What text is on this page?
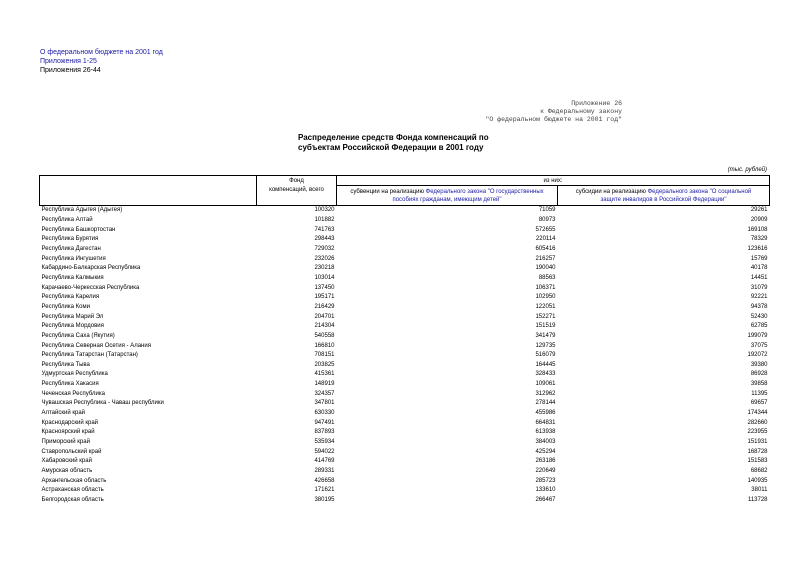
О федеральном бюджете на 2001 год
Приложения 1-25
Приложения 26-44
Приложение 26
к Федеральному закону
"О федеральном бюджете на 2001 год"
Распределение средств Фонда компенсаций по
субъектам Российской Федерации в 2001 году
(тыс. рублей)
	Фонд	из них:	
	компенсаций, всего	субвенции на реализацию Федерального закона "О государственных
пособиях гражданам, имеющим детей"	субсидии на реализацию Федерального закона "О социальной
защите инвалидов в Российской Федерации"
Республика Адыгея (Адыгея)	100320	71059	29261
Республика Алтай	101882	80973	20909
Республика Башкортостан	741763	572655	169108
Республика Бурятия	298443	220114	78329
Республика Дагестан	729032	605416	123616
Республика Ингушетия	232026	216257	15769
Кабардино-Балкарская Республика	230218	190040	40178
Республика Калмыкия	103014	88563	14451
Карачаево-Черкесская Республика	137450	106371	31079
Республика Карелия	195171	102950	92221
Республика Коми	216429	122051	94378
Республика Марий Эл	204701	152271	52430
Республика Мордовия	214304	151519	62785
Республика Саха (Якутия)	540558	341479	199079
Республика Северная Осетия - Алания	166810	129735	37075
Республика Татарстан (Татарстан)	708151	516079	192072
Республика Тыва	203825	164445	39380
Удмуртская Республика	415361	328433	86928
Республика Хакасия	148919	109061	39858
Чеченская Республика	324357	312962	11395
Чувашская Республика - Чаваш республики	347801	278144	69657
Алтайский край	630330	455986	174344
Краснодарский край	947491	664831	282660
Красноярский край	837893	613938	223955
Приморский край	535934	384003	151931
Ставропольский край	594022	425294	168728
Хабаровский край	414769	263186	151583
Амурская область	289331	220649	68682
Архангельская область	426658	285723	140935
Астраханская область	171621	133610	38011
Белгородская область	380195	266467	113728
